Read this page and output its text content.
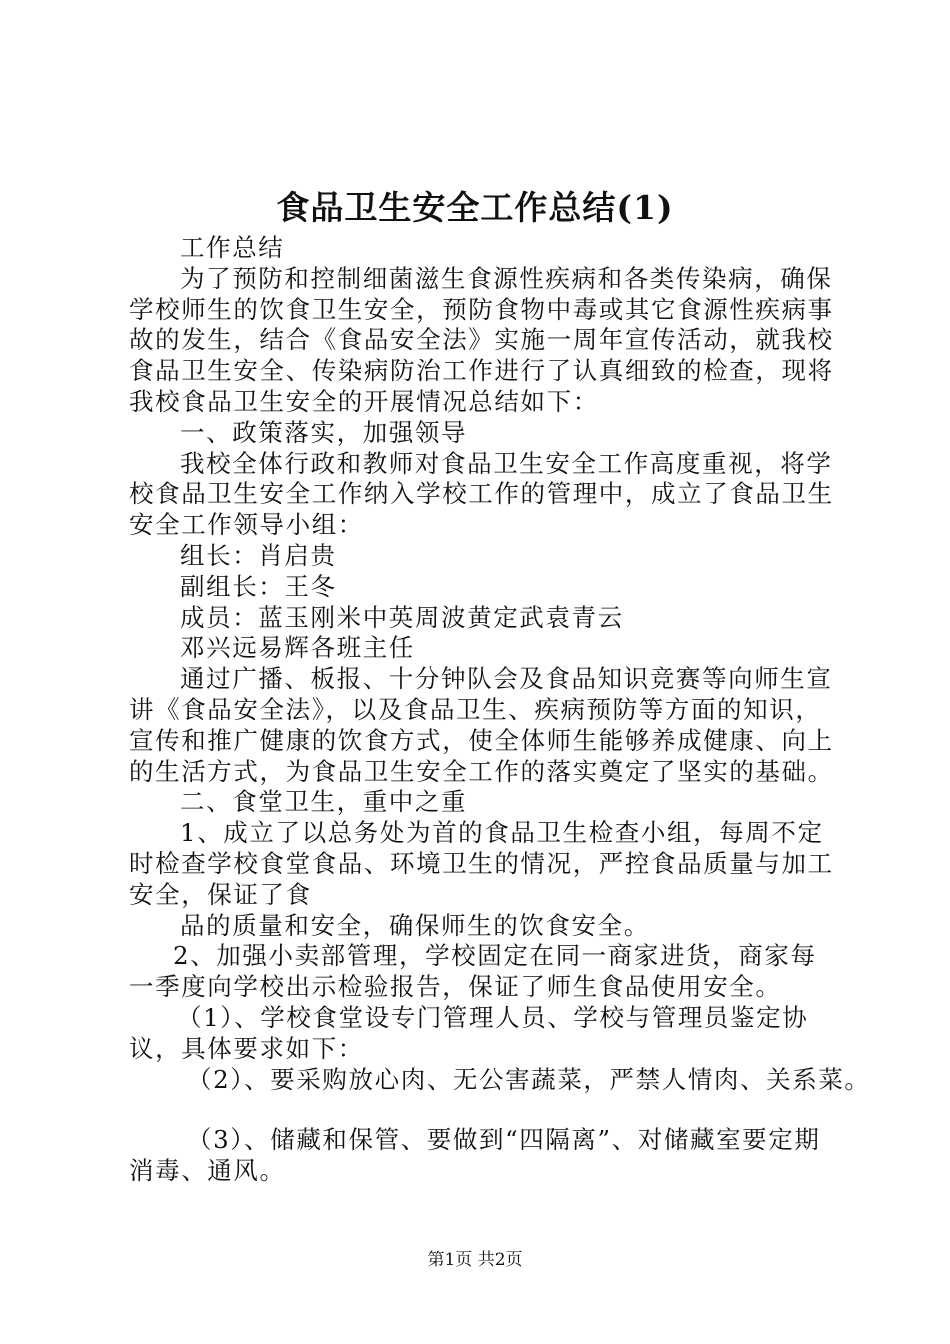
食品卫生安全工作总结(1)

工作总结

为了预防和控制细菌滋生食源性疾病和各类传染病，确保学校师生的饮食卫生安全，预防食物中毒或其它食源性疾病事故的发生，结合《食品安全法》实施一周年宣传活动，就我校食品卫生安全、传染病防治工作进行了认真细致的检查，现将我校食品卫生安全的开展情况总结如下：

一、政策落实，加强领导

我校全体行政和教师对食品卫生安全工作高度重视，将学校食品卫生安全工作纳入学校工作的管理中，成立了食品卫生安全工作领导小组：

组长：肖启贵

副组长：王冬

成员：蓝玉刚米中英周波黄定武袁青云

邓兴远易辉各班主任

通过广播、板报、十分钟队会及食品知识竞赛等向师生宣讲《食品安全法》，以及食品卫生、疾病预防等方面的知识，宣传和推广健康的饮食方式，使全体师生能够养成健康、向上的生活方式，为食品卫生安全工作的落实奠定了坚实的基础。

二、食堂卫生，重中之重

1、成立了以总务处为首的食品卫生检查小组，每周不定时检查学校食堂食品、环境卫生的情况，严控食品质量与加工安全，保证了食

品的质量和安全，确保师生的饮食安全。

2、加强小卖部管理，学校固定在同一商家进货，商家每一季度向学校出示检验报告，保证了师生食品使用安全。

（1）、学校食堂设专门管理人员、学校与管理员鉴定协议，具体要求如下：

（2）、要采购放心肉、无公害蔬菜，严禁人情肉、关系菜。

（3）、储藏和保管、要做到“四隔离”、对储藏室要定期消毒、通风。

第1页 共2页
